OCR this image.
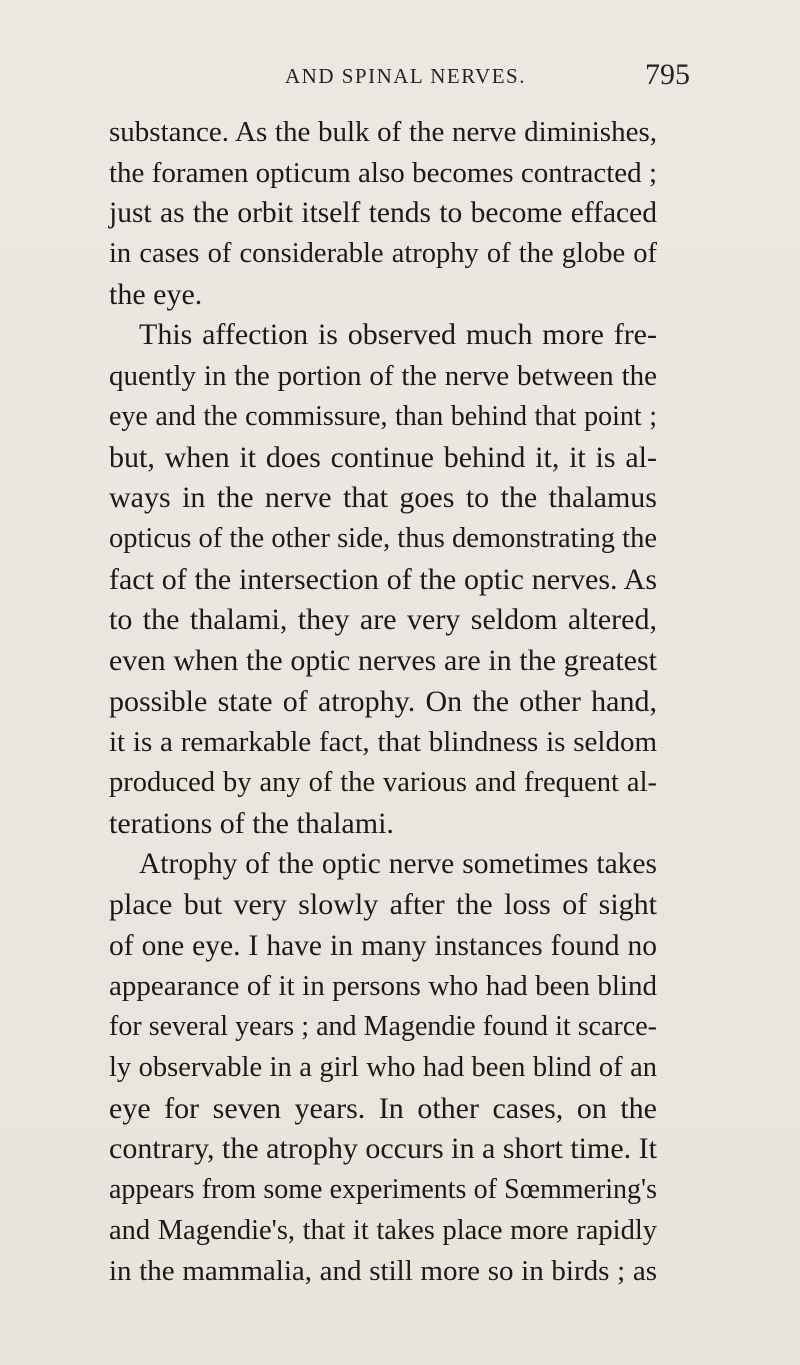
AND SPINAL NERVES.	795
substance. As the bulk of the nerve diminishes,
the foramen opticum also becomes contracted ;
just as the orbit itself tends to become effaced
in cases of considerable atrophy of the globe of
the eye.
This affection is observed much more fre-
quently in the portion of the nerve between the
eye and the commissure, than behind that point ;
but, when it does continue behind it, it is al-
ways in the nerve that goes to the thalamus
opticus of the other side, thus demonstrating the
fact of the intersection of the optic nerves. As
to the thalami, they are very seldom altered,
even when the optic nerves are in the greatest
possible state of atrophy. On the other hand,
it is a remarkable fact, that blindness is seldom
produced by any of the various and frequent al-
terations of the thalami.
Atrophy of the optic nerve sometimes takes
place but very slowly after the loss of sight
of one eye. I have in many instances found no
appearance of it in persons who had been blind
for several years ; and Magendie found it scarce-
ly observable in a girl who had been blind of an
eye for seven years. In other cases, on the
contrary, the atrophy occurs in a short time. It
appears from some experiments of Sœmmering's
and Magendie's, that it takes place more rapidly
in the mammalia, and still more so in birds ; as
